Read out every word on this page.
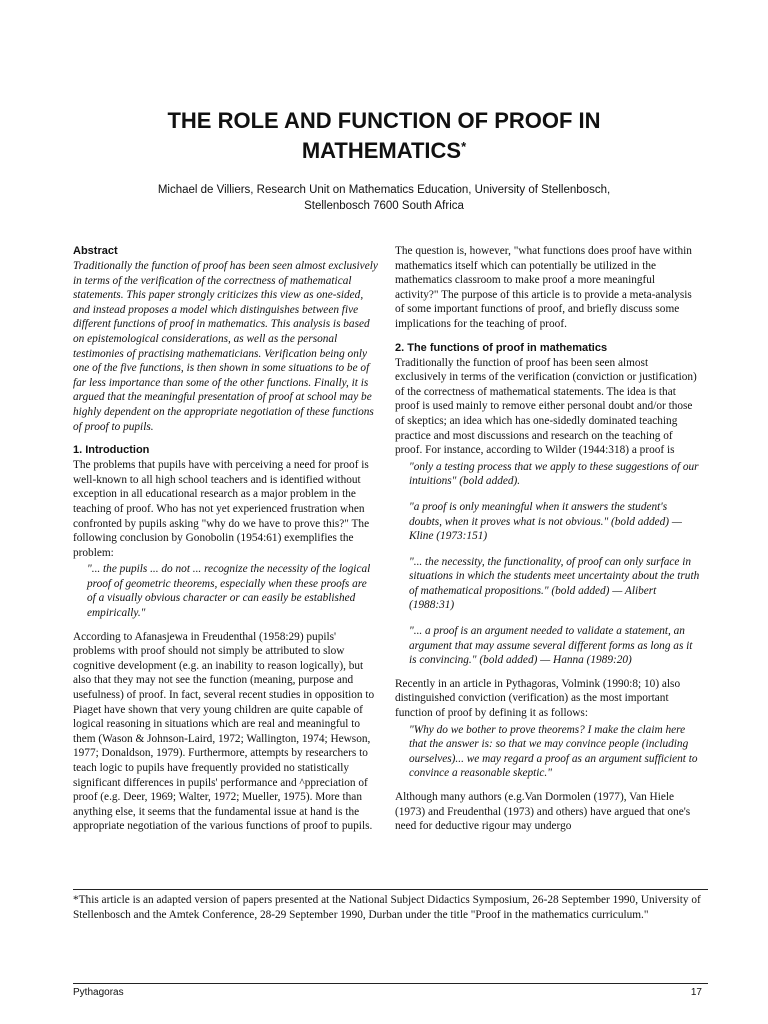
THE ROLE AND FUNCTION OF PROOF IN
MATHEMATICS*
Michael de Villiers, Research Unit on Mathematics Education, University of Stellenbosch,
Stellenbosch 7600 South Africa
Abstract

Traditionally the function of proof has been seen almost exclusively in terms of the verification of the correctness of mathematical statements. This paper strongly criticizes this view as one-sided, and instead proposes a model which distinguishes between five different functions of proof in mathematics. This analysis is based on epistemological considerations, as well as the personal testimonies of practising mathematicians. Verification being only one of the five functions, is then shown in some situations to be of far less importance than some of the other functions. Finally, it is argued that the meaningful presentation of proof at school may be highly dependent on the appropriate negotiation of these functions of proof to pupils.

1. Introduction

The problems that pupils have with perceiving a need for proof is well-known to all high school teachers and is identified without exception in all educational research as a major problem in the teaching of proof. Who has not yet experienced frustration when confronted by pupils asking "why do we have to prove this?" The following conclusion by Gonobolin (1954:61) exemplifies the problem:

"... the pupils ... do not ... recognize the necessity of the logical proof of geometric theorems, especially when these proofs are of a visually obvious character or can easily be established empirically."

According to Afanasjewa in Freudenthal (1958:29) pupils' problems with proof should not simply be attributed to slow cognitive development (e.g. an inability to reason logically), but also that they may not see the function (meaning, purpose and usefulness) of proof. In fact, several recent studies in opposition to Piaget have shown that very young children are quite capable of logical reasoning in situations which are real and meaningful to them (Wason & Johnson-Laird, 1972; Wallington, 1974; Hewson, 1977; Donaldson, 1979). Furthermore, attempts by researchers to teach logic to pupils have frequently provided no statistically significant differences in pupils' performance and ^ppreciation of proof (e.g. Deer, 1969; Walter, 1972; Mueller, 1975). More than anything else, it seems that the fundamental issue at hand is the appropriate negotiation of the various functions of proof to pupils.

The question is, however, "what functions does proof have within mathematics itself which can potentially be utilized in the mathematics classroom to make proof a more meaningful activity?" The purpose of this article is to provide a meta-analysis of some important functions of proof, and briefly discuss some implications for the teaching of proof.

2. The functions of proof in mathematics

Traditionally the function of proof has been seen almost exclusively in terms of the verification (conviction or justification) of the correctness of mathematical statements. The idea is that proof is used mainly to remove either personal doubt and/or those of skeptics; an idea which has one-sidedly dominated teaching practice and most discussions and research on the teaching of proof. For instance, according to Wilder (1944:318) a proof is

"only a testing process that we apply to these suggestions of our intuitions" (bold added).

"a proof is only meaningful when it answers the student's doubts, when it proves what is not obvious." (bold added) — Kline (1973:151)

"... the necessity, the functionality, of proof can only surface in situations in which the students meet uncertainty about the truth of mathematical propositions." (bold added) — Alibert (1988:31)

"... a proof is an argument needed to validate a statement, an argument that may assume several different forms as long as it is convincing." (bold added) — Hanna (1989:20)

Recently in an article in Pythagoras, Volmink (1990:8; 10) also distinguished conviction (verification) as the most important function of proof by defining it as follows:

"Why do we bother to prove theorems? I make the claim here that the answer is: so that we may convince people (including ourselves)... we may regard a proof as an argument sufficient to convince a reasonable skeptic."

Although many authors (e.g.Van Dormolen (1977), Van Hiele (1973) and Freudenthal (1973) and others) have argued that one's need for deductive rigour may undergo

*This article is an adapted version of papers presented at the National Subject Didactics Symposium, 26-28 September 1990, University of Stellenbosch and the Amtek Conference, 28-29 September 1990, Durban under the title "Proof in the mathematics curriculum."

Pythagoras	17
